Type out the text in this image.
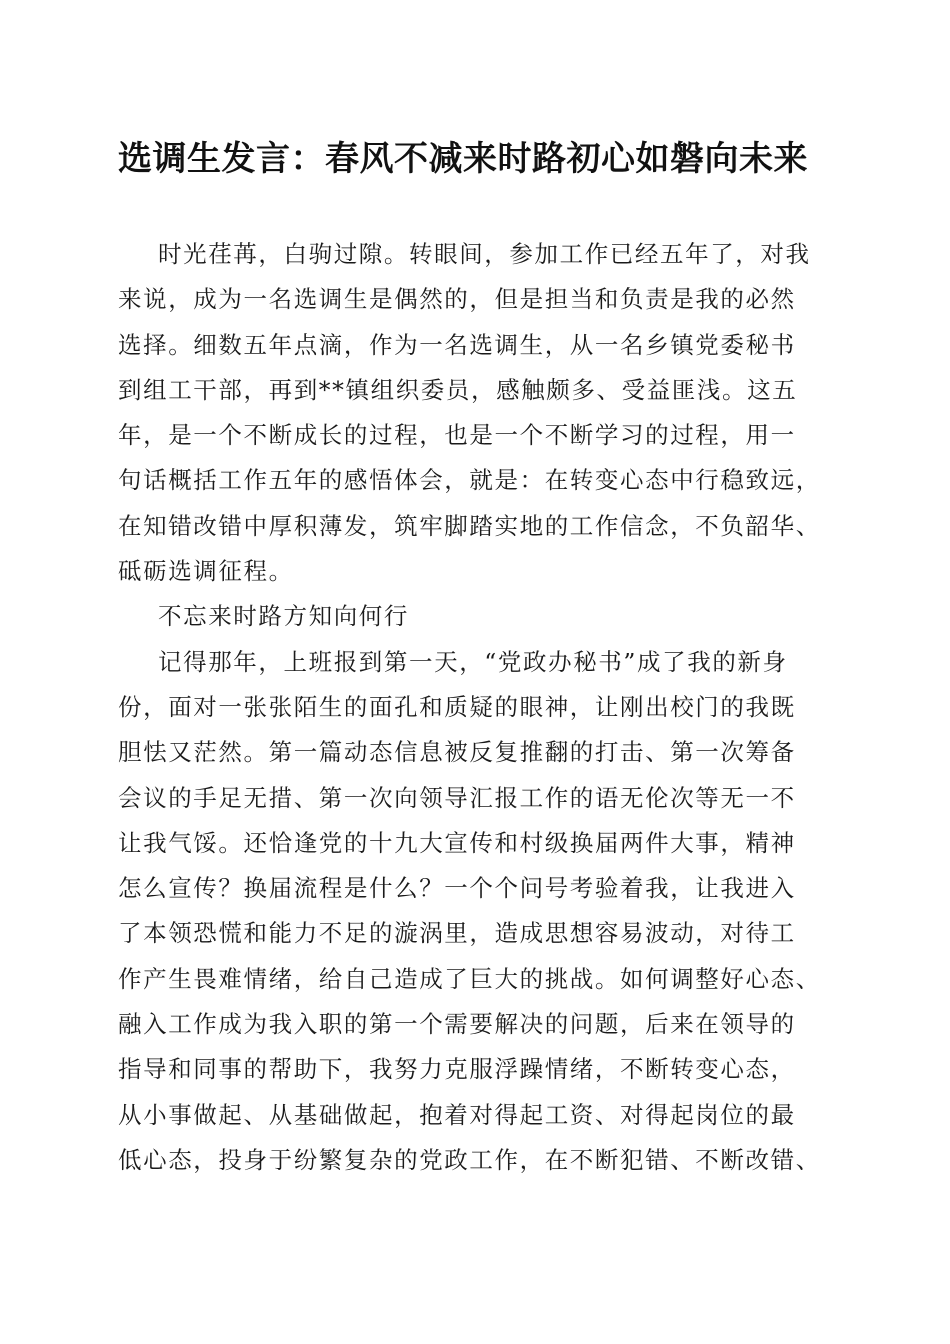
选调生发言：春风不减来时路初心如磐向未来
时光荏苒，白驹过隙。转眼间，参加工作已经五年了，对我
来说，成为一名选调生是偶然的，但是担当和负责是我的必然
选择。细数五年点滴，作为一名选调生，从一名乡镇党委秘书
到组工干部，再到**镇组织委员，感触颇多、受益匪浅。这五
年，是一个不断成长的过程，也是一个不断学习的过程，用一
句话概括工作五年的感悟体会，就是：在转变心态中行稳致远，
在知错改错中厚积薄发，筑牢脚踏实地的工作信念，不负韶华、
砥砺选调征程。
不忘来时路方知向何行
记得那年，上班报到第一天，“党政办秘书”成了我的新身
份，面对一张张陌生的面孔和质疑的眼神，让刚出校门的我既
胆怯又茫然。第一篇动态信息被反复推翻的打击、第一次筹备
会议的手足无措、第一次向领导汇报工作的语无伦次等无一不
让我气馁。还恰逢党的十九大宣传和村级换届两件大事，精神
怎么宣传？换届流程是什么？一个个问号考验着我，让我进入
了本领恐慌和能力不足的漩涡里，造成思想容易波动，对待工
作产生畏难情绪，给自己造成了巨大的挑战。如何调整好心态、
融入工作成为我入职的第一个需要解决的问题，后来在领导的
指导和同事的帮助下，我努力克服浮躁情绪，不断转变心态，
从小事做起、从基础做起，抱着对得起工资、对得起岗位的最
低心态，投身于纷繁复杂的党政工作，在不断犯错、不断改错、
